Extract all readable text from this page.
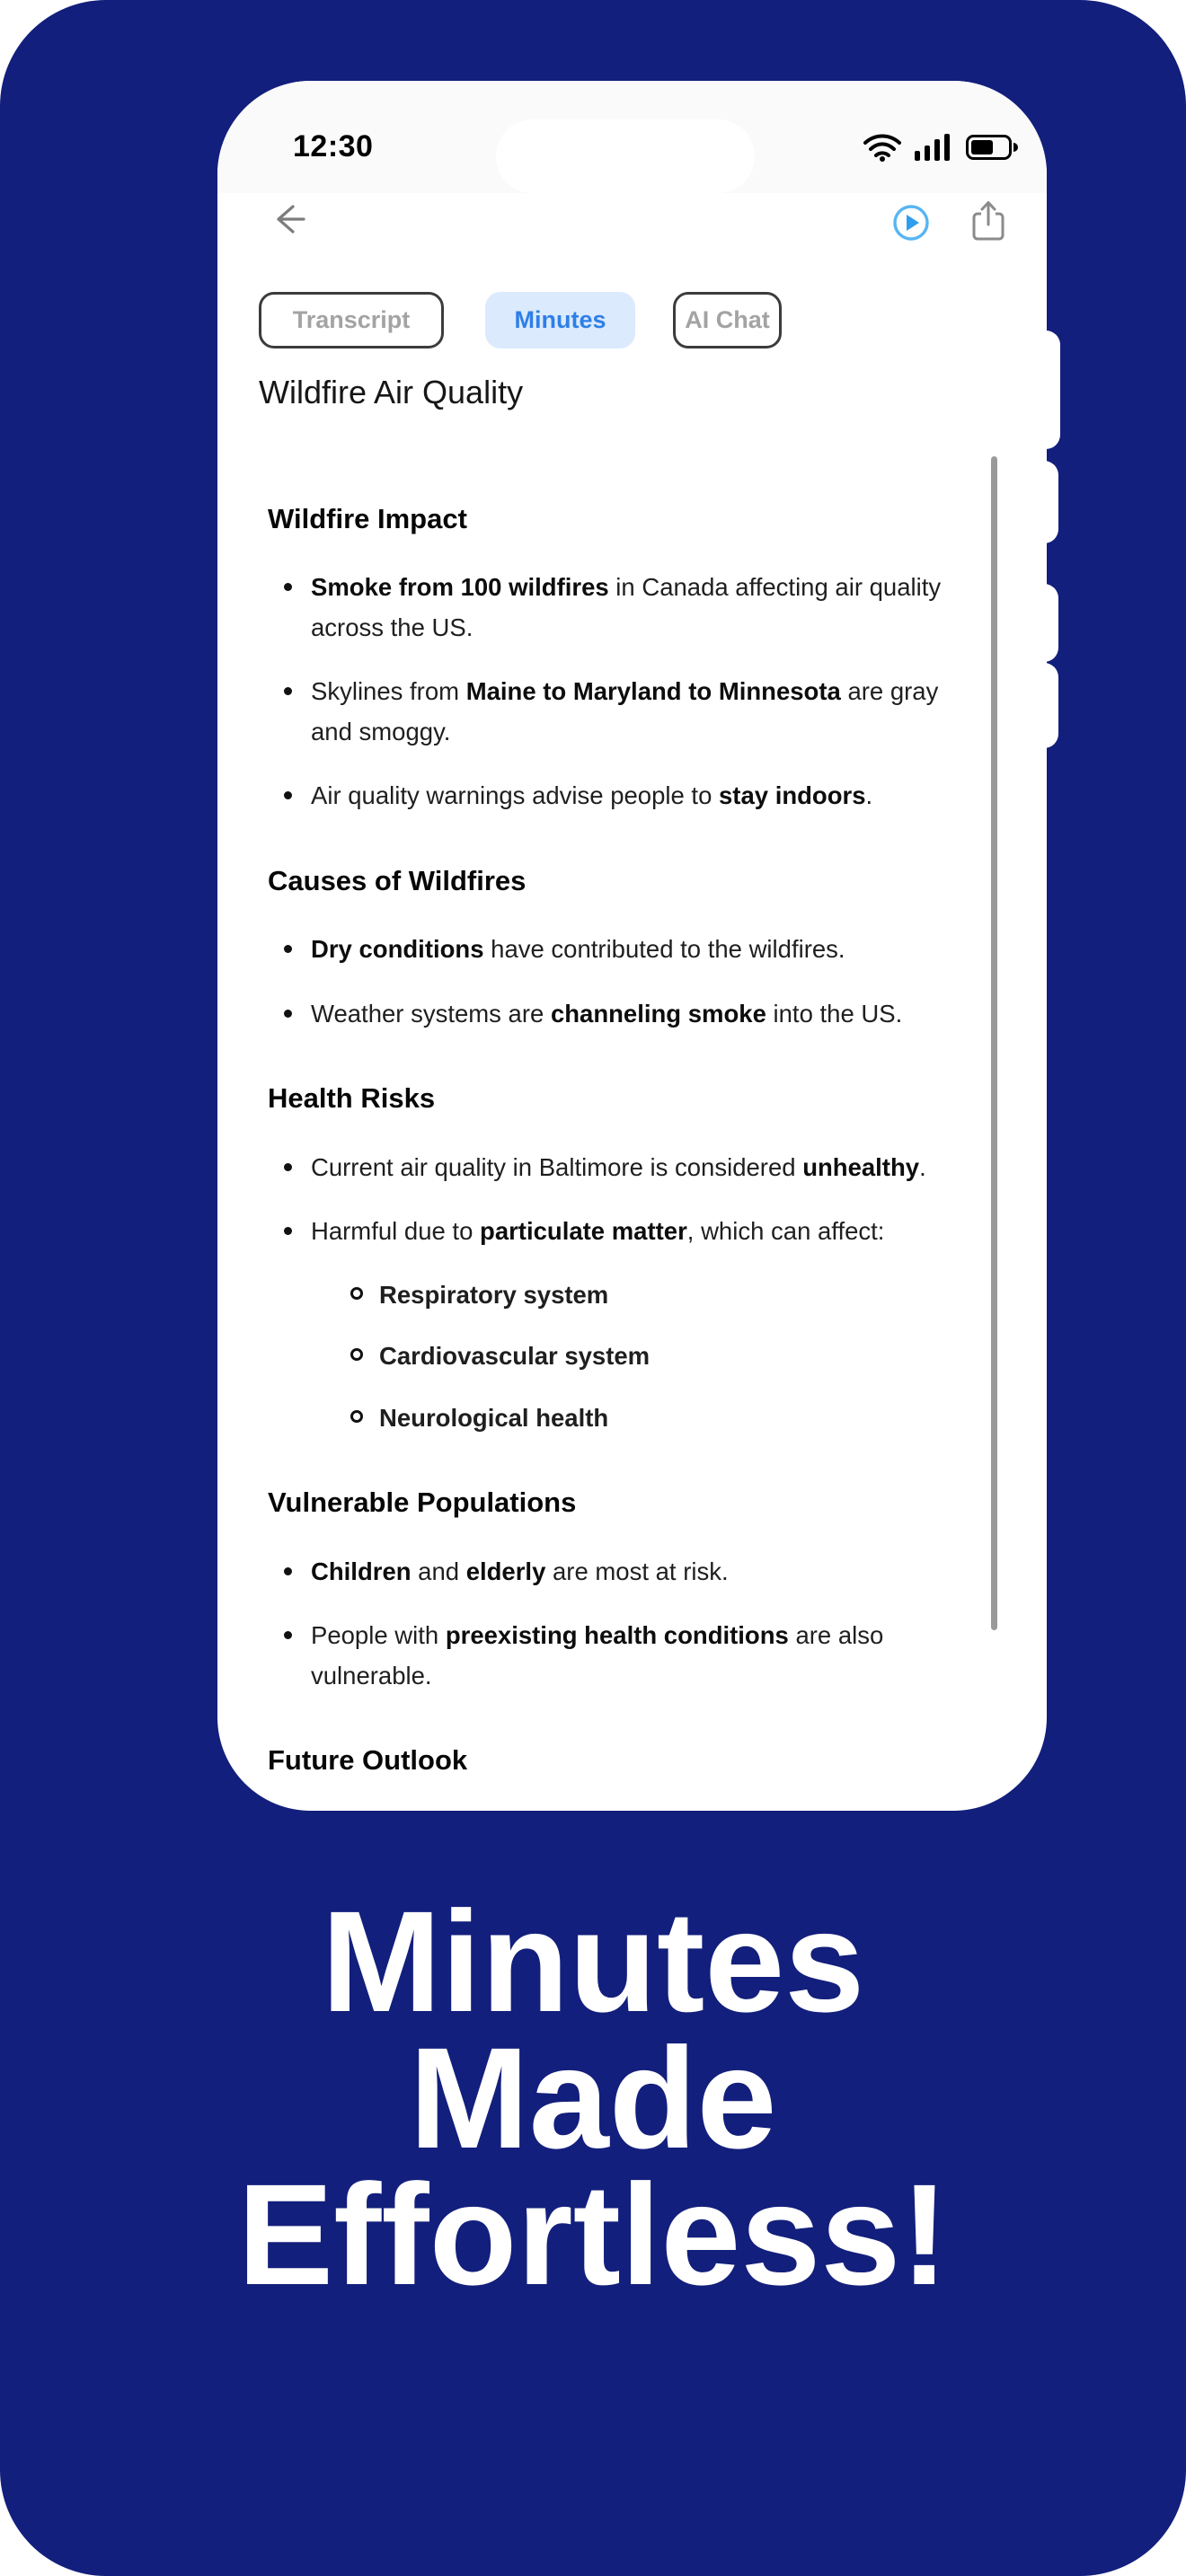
12:30
Transcript	Minutes	AI Chat
Wildfire Air Quality
Wildfire Impact
Smoke from 100 wildfires in Canada affecting air quality across the US.
Skylines from Maine to Maryland to Minnesota are gray and smoggy.
Air quality warnings advise people to stay indoors.
Causes of Wildfires
Dry conditions have contributed to the wildfires.
Weather systems are channeling smoke into the US.
Health Risks
Current air quality in Baltimore is considered unhealthy.
Harmful due to particulate matter, which can affect:
Respiratory system
Cardiovascular system
Neurological health
Vulnerable Populations
Children and elderly are most at risk.
People with preexisting health conditions are also vulnerable.
Future Outlook
Minutes
Made
Effortless!
